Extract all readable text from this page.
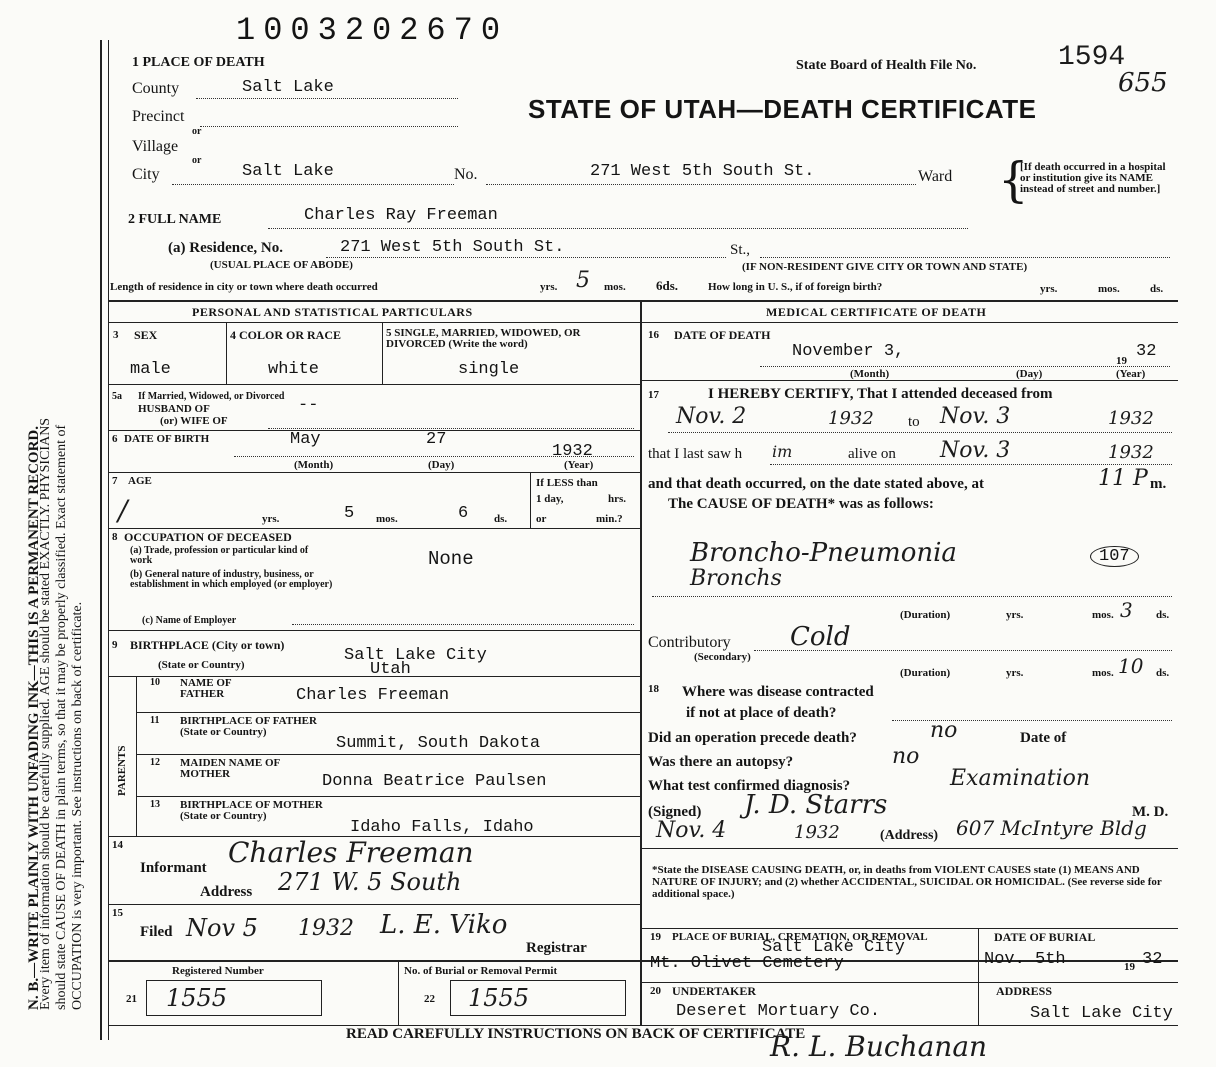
N. B.—WRITE PLAINLY WITH UNFADING INK—THIS IS A PERMANENT RECORD.
Every item of information should be carefully supplied. AGE should be stated EXACTLY. PHYSICIANS should state CAUSE OF DEATH in plain terms, so that it may be properly classified. Exact statement of OCCUPATION is very important. See instructions on back of certificate.
1003202670
State Board of Health File No.	1594
655
STATE OF UTAH—DEATH CERTIFICATE
1 PLACE OF DEATH
County	Salt Lake
Precinct
or
Village
or
City	Salt Lake	No.	271 West 5th South St.	Ward {
[If death occurred in a hospital or institution give its NAME instead of street and number.]
2 FULL NAME	Charles Ray Freeman
(a) Residence, No.	271 West 5th South St.	St.,
(USUAL PLACE OF ABODE)	(IF NON-RESIDENT GIVE CITY OR TOWN AND STATE)
Length of residence in city or town where death occurred	yrs. 5 mos. 6ds.	How long in U. S., if of foreign birth?	yrs.	mos.	ds.
PERSONAL AND STATISTICAL PARTICULARS
3 SEX
male
4 COLOR OR RACE
white
5 SINGLE, MARRIED, WIDOWED, OR DIVORCED (Write the word)
single
5a If Married, Widowed, or Divorced
HUSBAND OF
(or) WIFE OF
--
6 DATE OF BIRTH	May	27
1932
(Month)	(Day)	(Year)
7 AGE
/	yrs.	5 mos.	6 ds.
If LESS than
1 day,	hrs.
or	min.?
8 OCCUPATION OF DECEASED
(a) Trade, profession or particular kind of work	None
(b) General nature of industry, business, or establishment in which employed (or employer)
(c) Name of Employer
9 BIRTHPLACE (City or town)
(State or Country)	Salt Lake City
Utah
PARENTS
10 NAME OF FATHER	Charles Freeman
11 BIRTHPLACE OF FATHER (State or Country)
Summit, South Dakota
12 MAIDEN NAME OF MOTHER	Donna Beatrice Paulsen
13 BIRTHPLACE OF MOTHER (State or Country)
Idaho Falls, Idaho
14
Informant Charles Freeman
Address 271 W. 5 South
15
Filed Nov 5 1932 L. E. Viko
Registrar
Registered Number
21 1555
No. of Burial or Removal Permit
22 1555
MEDICAL CERTIFICATE OF DEATH
16 DATE OF DEATH
November 3,	19 32
(Month)	(Day)	(Year)
17	I HEREBY CERTIFY, That I attended deceased from
Nov. 2	1932 to Nov. 3	1932
that I last saw h im	alive on Nov. 3	1932
and that death occurred, on the date stated above, at	11 P m.
The CAUSE OF DEATH* was as follows:
Broncho-Pneumonia	107
Bronchs
(Duration)	yrs.	mos. 3 ds.
Contributory
(Secondary)
Cold
(Duration)	yrs.	mos. 10 ds.
18 Where was disease contracted
if not at place of death?
Did an operation precede death?	no	Date of
Was there an autopsy?	no
What test confirmed diagnosis?	Examination
(Signed) J. D. Starrs	M. D.
Nov. 4	1932	(Address) 607 McIntyre Bldg
*State the DISEASE CAUSING DEATH, or, in deaths from VIOLENT CAUSES state (1) MEANS AND NATURE OF INJURY; and (2) whether ACCIDENTAL, SUICIDAL OR HOMICIDAL. (See reverse side for additional space.)
19 PLACE OF BURIAL, CREMATION, OR REMOVAL
Salt Lake City
Mt. Olivet Cemetery
DATE OF BURIAL
Nov. 5th	19 32
20 UNDERTAKER
Deseret Mortuary Co.
ADDRESS
Salt Lake City
READ CAREFULLY INSTRUCTIONS ON BACK OF CERTIFICATE
R. L. Buchanan
